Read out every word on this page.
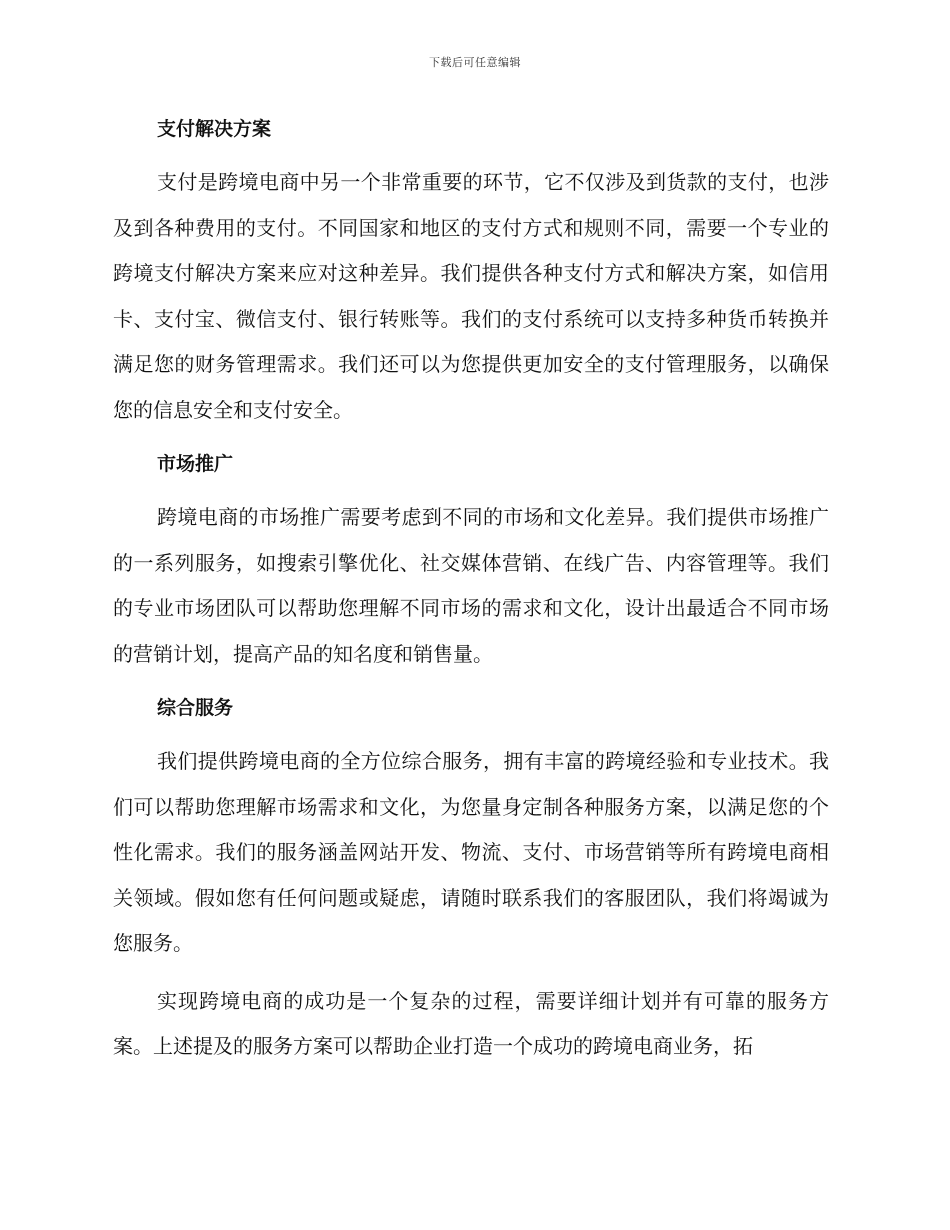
下载后可任意编辑
支付解决方案

支付是跨境电商中另一个非常重要的环节，它不仅涉及到货款的支付，也涉及到各种费用的支付。不同国家和地区的支付方式和规则不同，需要一个专业的跨境支付解决方案来应对这种差异。我们提供各种支付方式和解决方案，如信用卡、支付宝、微信支付、银行转账等。我们的支付系统可以支持多种货币转换并满足您的财务管理需求。我们还可以为您提供更加安全的支付管理服务，以确保您的信息安全和支付安全。

市场推广

跨境电商的市场推广需要考虑到不同的市场和文化差异。我们提供市场推广的一系列服务，如搜索引擎优化、社交媒体营销、在线广告、内容管理等。我们的专业市场团队可以帮助您理解不同市场的需求和文化，设计出最适合不同市场的营销计划，提高产品的知名度和销售量。

综合服务

我们提供跨境电商的全方位综合服务，拥有丰富的跨境经验和专业技术。我们可以帮助您理解市场需求和文化，为您量身定制各种服务方案，以满足您的个性化需求。我们的服务涵盖网站开发、物流、支付、市场营销等所有跨境电商相关领域。假如您有任何问题或疑虑，请随时联系我们的客服团队，我们将竭诚为您服务。

实现跨境电商的成功是一个复杂的过程，需要详细计划并有可靠的服务方案。上述提及的服务方案可以帮助企业打造一个成功的跨境电商业务，拓
